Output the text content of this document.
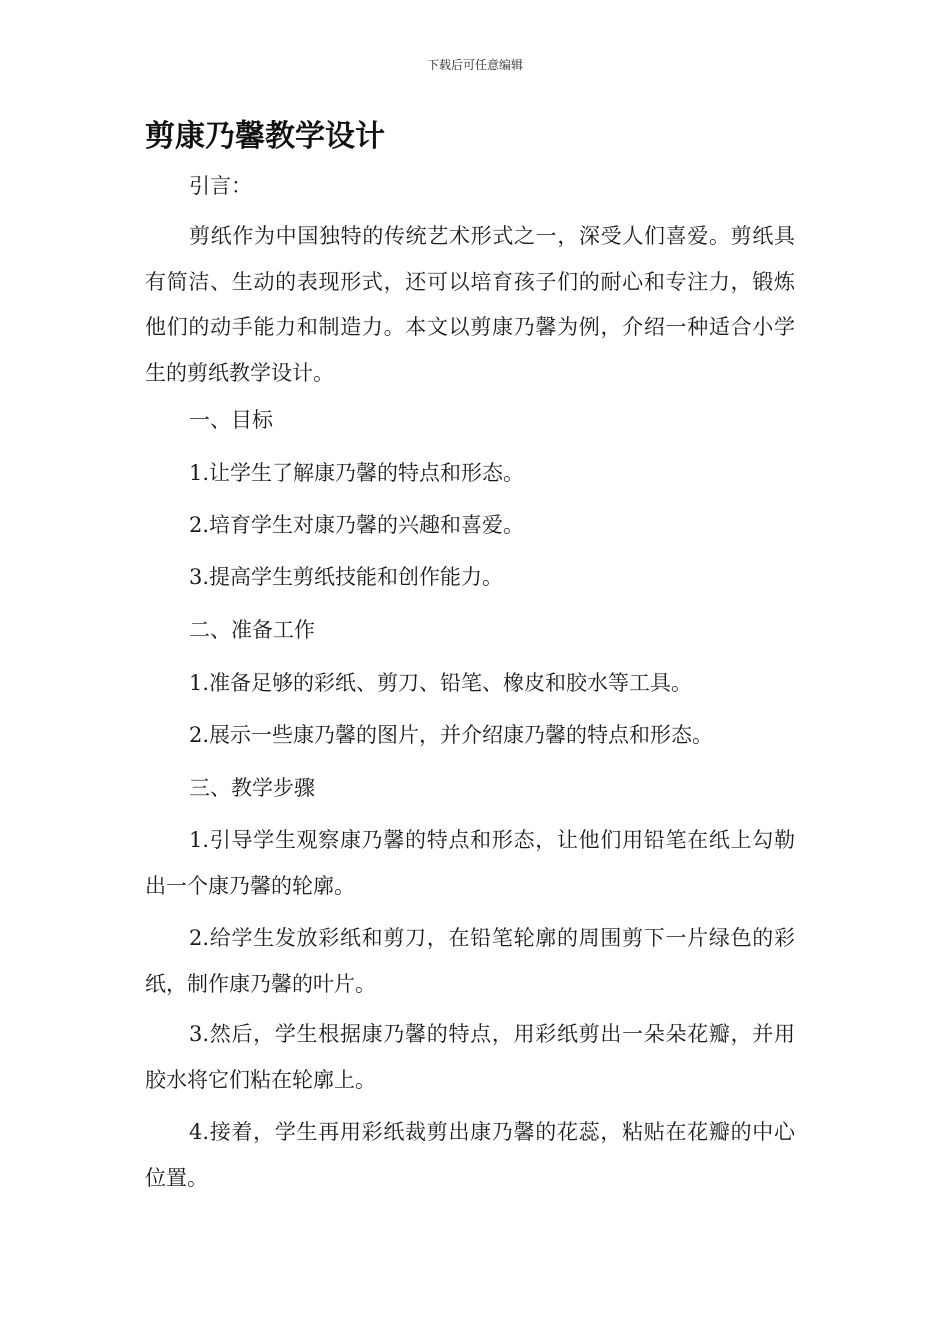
下载后可任意编辑
剪康乃馨教学设计

引言：

剪纸作为中国独特的传统艺术形式之一，深受人们喜爱。剪纸具有简洁、生动的表现形式，还可以培育孩子们的耐心和专注力，锻炼他们的动手能力和制造力。本文以剪康乃馨为例，介绍一种适合小学生的剪纸教学设计。

一、目标

1.让学生了解康乃馨的特点和形态。

2.培育学生对康乃馨的兴趣和喜爱。

3.提高学生剪纸技能和创作能力。

二、准备工作

1.准备足够的彩纸、剪刀、铅笔、橡皮和胶水等工具。

2.展示一些康乃馨的图片，并介绍康乃馨的特点和形态。

三、教学步骤

1.引导学生观察康乃馨的特点和形态，让他们用铅笔在纸上勾勒出一个康乃馨的轮廓。

2.给学生发放彩纸和剪刀，在铅笔轮廓的周围剪下一片绿色的彩纸，制作康乃馨的叶片。

3.然后，学生根据康乃馨的特点，用彩纸剪出一朵朵花瓣，并用胶水将它们粘在轮廓上。

4.接着，学生再用彩纸裁剪出康乃馨的花蕊，粘贴在花瓣的中心位置。
